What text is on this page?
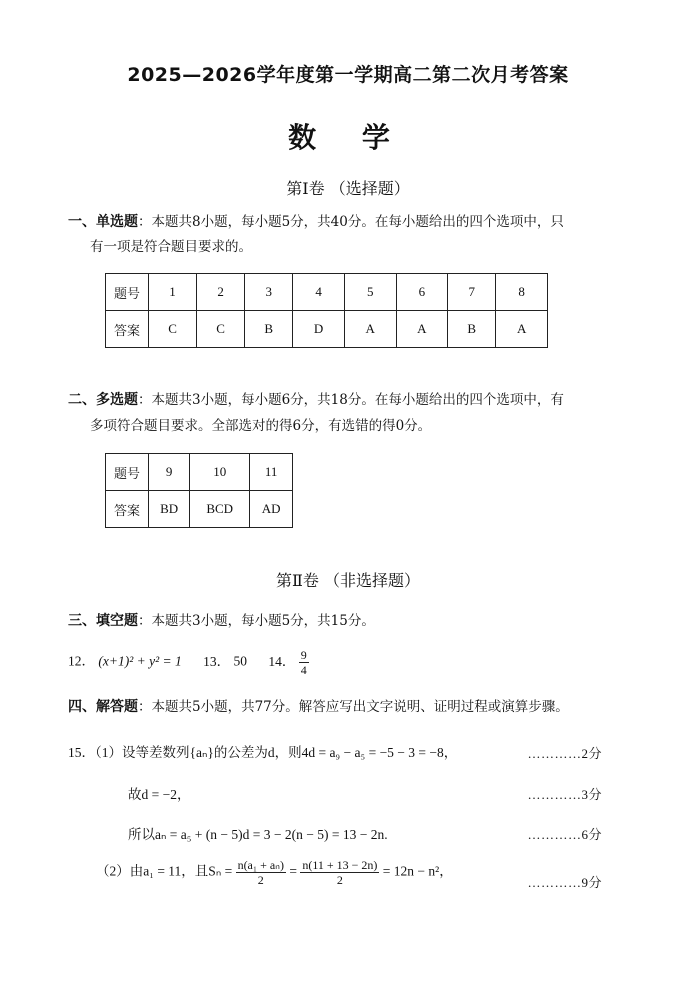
2025—2026学年度第一学期高二第二次月考答案
数 学
第Ⅰ卷 （选择题）
一、单选题：本题共8小题，每小题5分，共40分。在每小题给出的四个选项中，只
有一项是符合题目要求的。
题号	1	2	3	4	5	6	7	8
答案	C	C	B	D	A	A	B	A
二、多选题：本题共3小题，每小题6分，共18分。在每小题给出的四个选项中，有
多项符合题目要求。全部选对的得6分，有选错的得0分。
题号	9	10	11
答案	BD	BCD	AD
第Ⅱ卷 （非选择题）
三、填空题：本题共3小题，每小题5分，共15分。
12． (x+1)² + y² = 1 13． 50 14． $\frac{9}{4}$
四、解答题：本题共5小题，共77分。解答应写出文字说明、证明过程或演算步骤。
15．（1）设等差数列{aₙ}的公差为d，则4d = a₉ − a₅ = −5 − 3 = −8，	…………2分
故d = −2，	…………3分
所以aₙ = a₅ + (n − 5)d = 3 − 2(n − 5) = 13 − 2n.	…………6分
（2）由a₁ = 11，且$S_n = \frac{\text{n(a₁ + aₙ)}}{2} = \frac{n(11 + 13 - 2n)}{2} = 12n - n^2$，
…………9分
